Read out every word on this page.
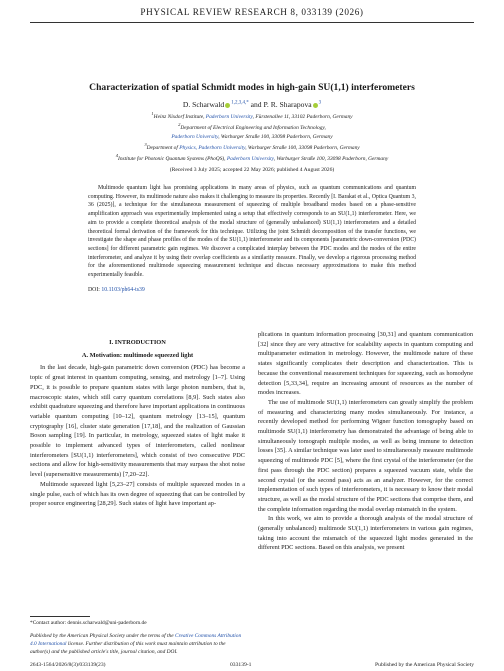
PHYSICAL REVIEW RESEARCH 8, 033139 (2026)
Characterization of spatial Schmidt modes in high-gain SU(1,1) interferometers
D. Scharwald $^{1,2,3,4,*}$ and P. R. Sharapova $^3$
$^1$Heinz Nixdorf Institute, Paderborn University, Fürstenallee 11, 33102 Paderborn, Germany
$^2$Department of Electrical Engineering and Information Technology,
Paderborn University, Warburger Straße 100, 33098 Paderborn, Germany
$^3$Department of Physics, Paderborn University, Warburger Straße 100, 33098 Paderborn, Germany
$^4$Institute for Photonic Quantum Systems (PhoQS), Paderborn University, Warburger Straße 100, 33098 Paderborn, Germany
(Received 3 July 2025; accepted 22 May 2026; published 4 August 2026)
Multimode quantum light has promising applications in many areas of physics, such as quantum communications and quantum computing. However, its multimode nature also makes it challenging to measure its properties. Recently [I. Barakat et al., Optica Quantum 3, 36 (2025)], a technique for the simultaneous measurement of squeezing of multiple broadband modes based on a phase-sensitive amplification approach was experimentally implemented using a setup that effectively corresponds to an SU(1,1) interferometer. Here, we aim to provide a complete theoretical analysis of the modal structure of (generally unbalanced) SU(1,1) interferometers and a detailed theoretical formal derivation of the framework for this technique. Utilizing the joint Schmidt decomposition of the transfer functions, we investigate the shape and phase profiles of the modes of the SU(1,1) interferometer and its components [parametric down-conversion (PDC) sections] for different parametric gain regimes. We discover a complicated interplay between the PDC modes and the modes of the entire interferometer, and analyze it by using their overlap coefficients as a similarity measure. Finally, we develop a rigorous processing method for the aforementioned multimode squeezing measurement technique and discuss necessary approximations to make this method experimentally feasible.
DOI: 10.1103/ph64-ts39
I. INTRODUCTION
A. Motivation: multimode squeezed light

In the last decade, high-gain parametric down conversion (PDC) has become a topic of great interest in quantum computing, sensing, and metrology [1–7]. Using PDC, it is possible to prepare quantum states with large photon numbers, that is, macroscopic states, which still carry quantum correlations [8,9]. Such states also exhibit quadrature squeezing and therefore have important applications in continuous variable quantum computing [10–12], quantum metrology [13–15], quantum cryptography [16], cluster state generation [17,18], and the realization of Gaussian Boson sampling [19]. In particular, in metrology, squeezed states of light make it possible to implement advanced types of interferometers, called nonlinear interferometers [SU(1,1) interferometers], which consist of two consecutive PDC sections and allow for high-sensitivity measurements that may surpass the shot noise level (supersensitive measurements) [7,20–22].

Multimode squeezed light [5,23–27] consists of multiple squeezed modes in a single pulse, each of which has its own degree of squeezing that can be controlled by proper source engineering [28,29]. Such states of light have important ap-

plications in quantum information processing [30,31] and quantum communication [32] since they are very attractive for scalability aspects in quantum computing and multiparameter estimation in metrology. However, the multimode nature of these states significantly complicates their description and characterization. This is because the conventional measurement techniques for squeezing, such as homodyne detection [5,33,34], require an increasing amount of resources as the number of modes increases.

The use of multimode SU(1,1) interferometers can greatly simplify the problem of measuring and characterizing many modes simultaneously. For instance, a recently developed method for performing Wigner function tomography based on multimode SU(1,1) interferometry has demonstrated the advantage of being able to simultaneously tomograph multiple modes, as well as being immune to detection losses [35]. A similar technique was later used to simultaneously measure multimode squeezing of multimode PDC [5], where the first crystal of the interferometer (or the first pass through the PDC section) prepares a squeezed vacuum state, while the second crystal (or the second pass) acts as an analyzer. However, for the correct implementation of such types of interferometers, it is necessary to know their modal structure, as well as the modal structure of the PDC sections that comprise them, and the complete information regarding the modal overlap mismatch in the system.

In this work, we aim to provide a thorough analysis of the modal structure of (generally unbalanced) multimode SU(1,1) interferometers in various gain regimes, taking into account the mismatch of the squeezed light modes generated in the different PDC sections. Based on this analysis, we present

*Contact author: dennis.scharwald@uni-paderborn.de
2643-1564/2026/8(3)/033139(23)	033139-1	Published by the American Physical Society
Published by the American Physical Society under the terms of the Creative Commons Attribution 4.0 International license. Further distribution of this work must maintain attribution to the author(s) and the published article's title, journal citation, and DOI.
